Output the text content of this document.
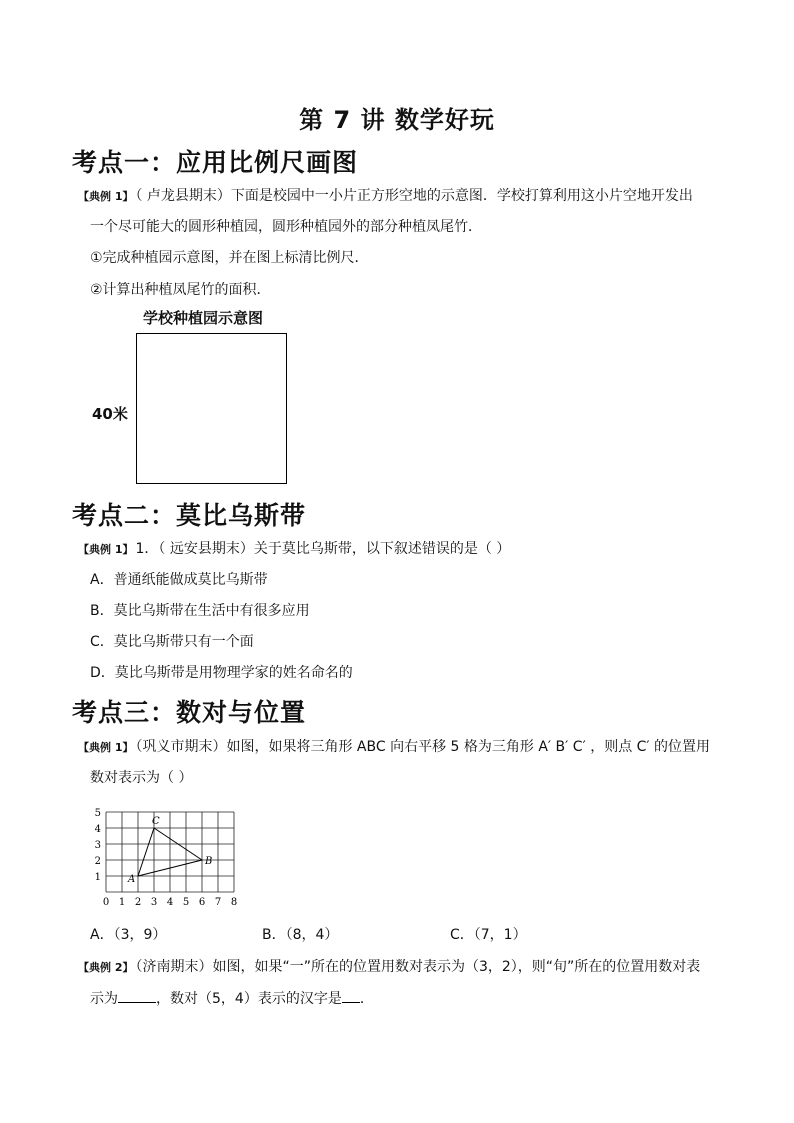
第 7 讲 数学好玩
考点一：应用比例尺画图
【典例 1】 （ 卢龙县期末）下面是校园中一小片正方形空地的示意图．学校打算利用这小片空地开发出
一个尽可能大的圆形种植园，圆形种植园外的部分种植凤尾竹．
①完成种植园示意图，并在图上标清比例尺．
②计算出种植凤尾竹的面积．
学校种植园示意图
40米
考点二：莫比乌斯带
【典例 1】 1．（ 远安县期末）关于莫比乌斯带，以下叙述错误的是（ ）
A．普通纸能做成莫比乌斯带
B．莫比乌斯带在生活中有很多应用
C．莫比乌斯带只有一个面
D．莫比乌斯带是用物理学家的姓名命名的
考点三：数对与位置
【典例 1】 （巩义市期末）如图，如果将三角形 ABC 向右平移 5 格为三角形 A′ B′ C′ ，则点 C′ 的位置用
数对表示为（ ）
0 1 2 3 4 5 6 7 8
1
2
3
4
5
A
B
C
A．（3，9）	B．（8，4）	C．（7，1）
【典例 2】 （济南期末）如图，如果“一”所在的位置用数对表示为（3，2），则“旬”所在的位置用数对表
示为	，数对（5，4）表示的汉字是 ．
